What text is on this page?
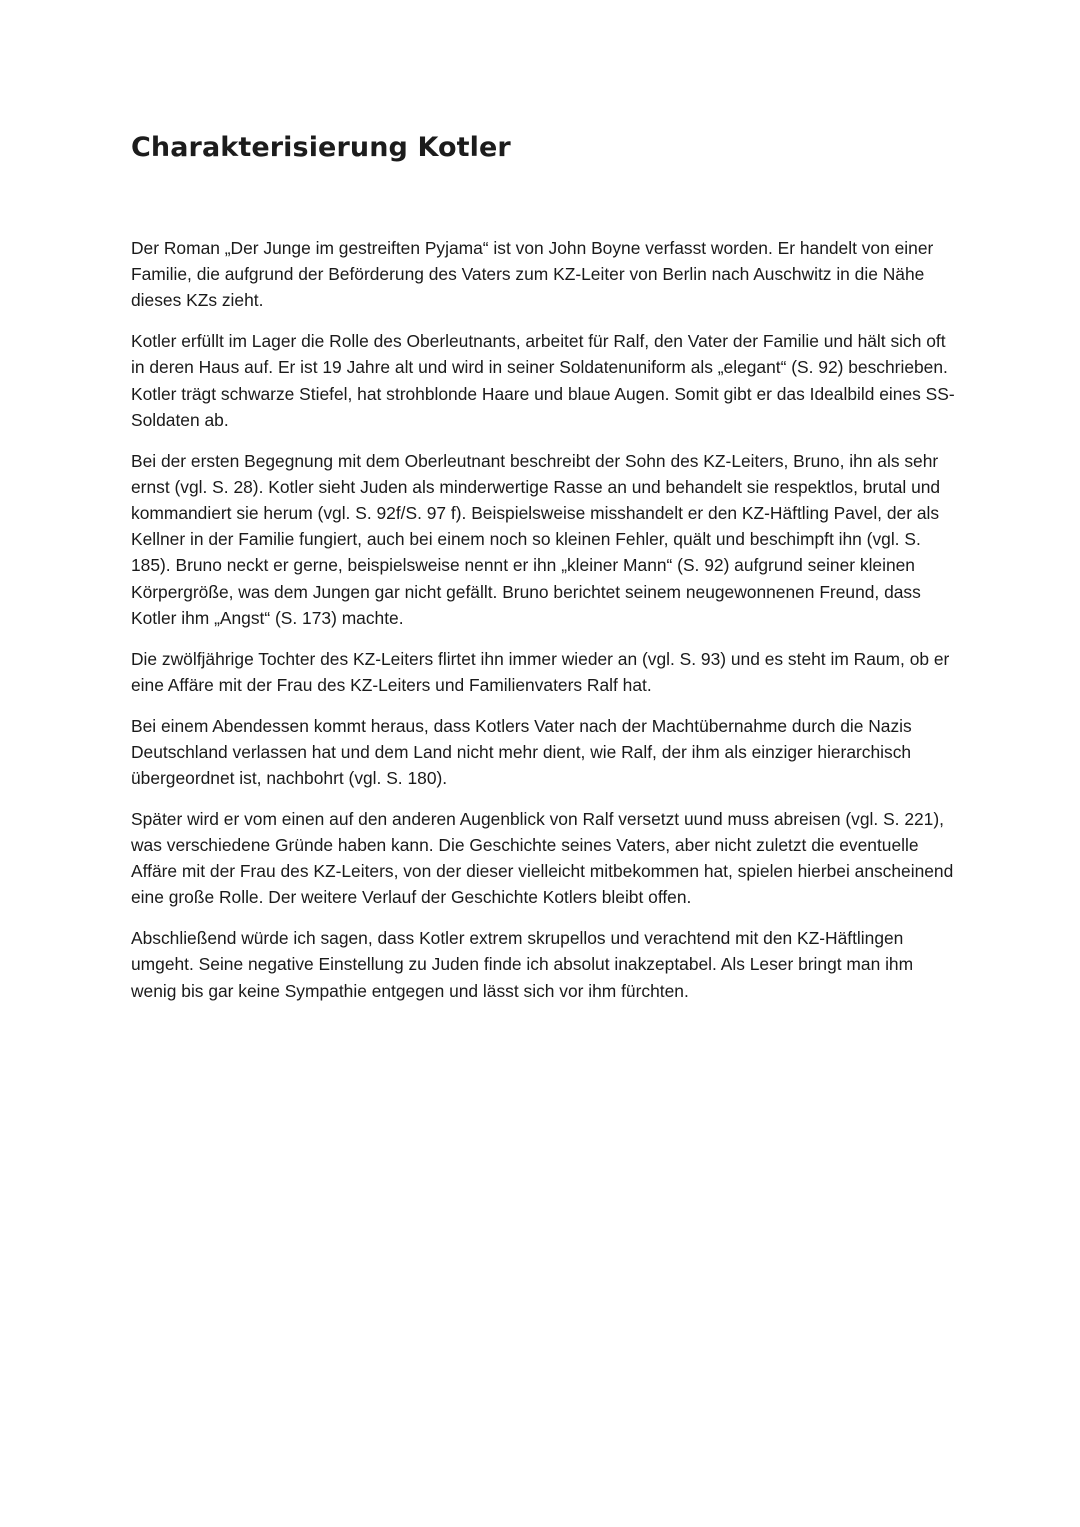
Charakterisierung Kotler

Der Roman „Der Junge im gestreiften Pyjama“ ist von John Boyne verfasst worden. Er handelt von einer Familie, die aufgrund der Beförderung des Vaters zum KZ-Leiter von Berlin nach Auschwitz in die Nähe dieses KZs zieht.

Kotler erfüllt im Lager die Rolle des Oberleutnants, arbeitet für Ralf, den Vater der Familie und hält sich oft in deren Haus auf. Er ist 19 Jahre alt und wird in seiner Soldatenuniform als „elegant“ (S. 92) beschrieben. Kotler trägt schwarze Stiefel, hat strohblonde Haare und blaue Augen. Somit gibt er das Idealbild eines SS-Soldaten ab.

Bei der ersten Begegnung mit dem Oberleutnant beschreibt der Sohn des KZ-Leiters, Bruno, ihn als sehr ernst (vgl. S. 28). Kotler sieht Juden als minderwertige Rasse an und behandelt sie respektlos, brutal und kommandiert sie herum (vgl. S. 92f/S. 97 f). Beispielsweise misshandelt er den KZ-Häftling Pavel, der als Kellner in der Familie fungiert, auch bei einem noch so kleinen Fehler, quält und beschimpft ihn (vgl. S. 185). Bruno neckt er gerne, beispielsweise nennt er ihn „kleiner Mann“ (S. 92) aufgrund seiner kleinen Körpergröße, was dem Jungen gar nicht gefällt. Bruno berichtet seinem neugewonnenen Freund, dass Kotler ihm „Angst“ (S. 173) machte.

Die zwölfjährige Tochter des KZ-Leiters flirtet ihn immer wieder an (vgl. S. 93) und es steht im Raum, ob er eine Affäre mit der Frau des KZ-Leiters und Familienvaters Ralf hat.

Bei einem Abendessen kommt heraus, dass Kotlers Vater nach der Machtübernahme durch die Nazis Deutschland verlassen hat und dem Land nicht mehr dient, wie Ralf, der ihm als einziger hierarchisch übergeordnet ist, nachbohrt (vgl. S. 180).

Später wird er vom einen auf den anderen Augenblick von Ralf versetzt uund muss abreisen (vgl. S. 221), was verschiedene Gründe haben kann. Die Geschichte seines Vaters, aber nicht zuletzt die eventuelle Affäre mit der Frau des KZ-Leiters, von der dieser vielleicht mitbekommen hat, spielen hierbei anscheinend eine große Rolle. Der weitere Verlauf der Geschichte Kotlers bleibt offen.

Abschließend würde ich sagen, dass Kotler extrem skrupellos und verachtend mit den KZ-Häftlingen umgeht. Seine negative Einstellung zu Juden finde ich absolut inakzeptabel. Als Leser bringt man ihm wenig bis gar keine Sympathie entgegen und lässt sich vor ihm fürchten.
